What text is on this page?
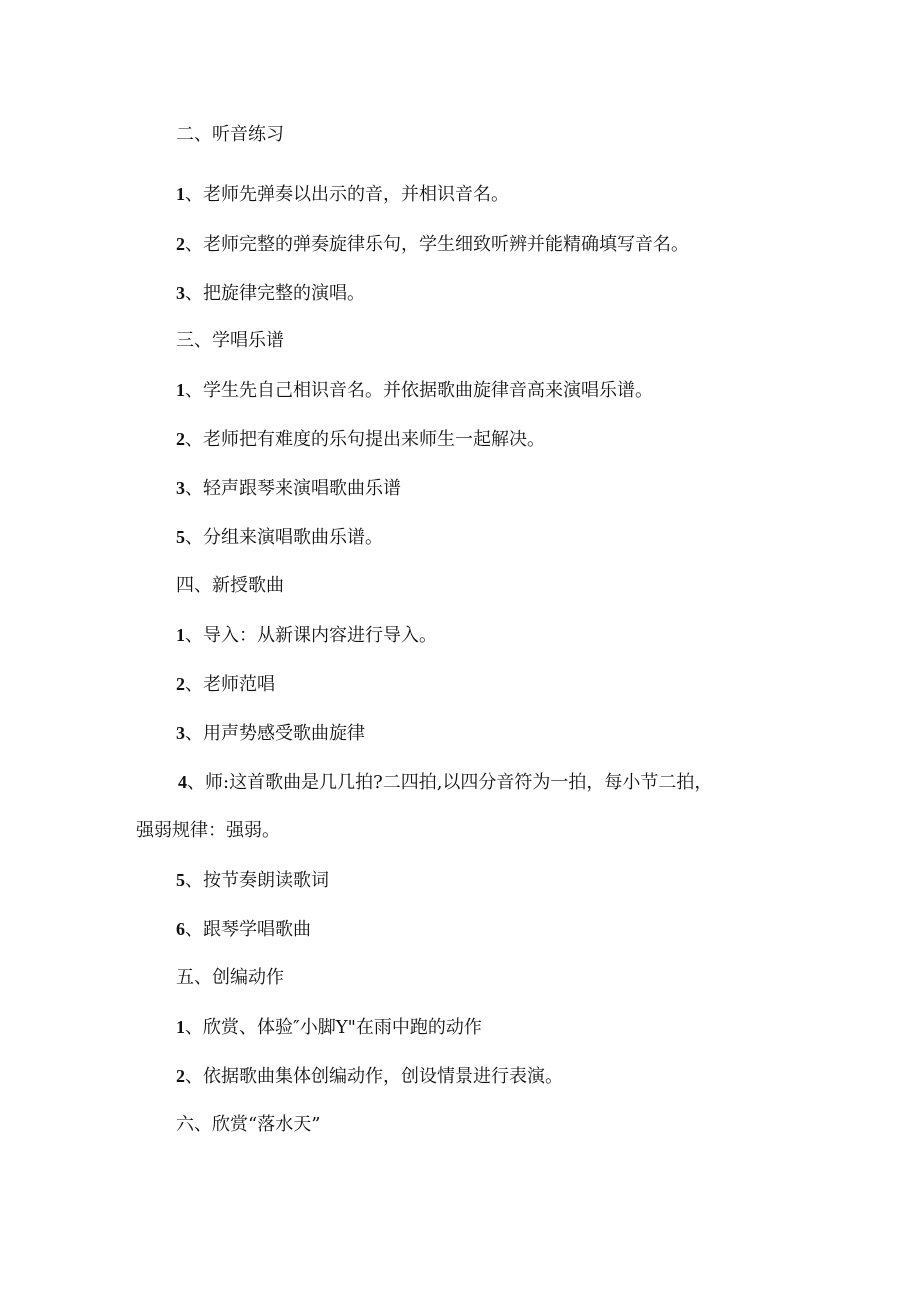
二、听音练习
1、老师先弹奏以出示的音，并相识音名。
2、老师完整的弹奏旋律乐句，学生细致听辨并能精确填写音名。
3、把旋律完整的演唱。
三、学唱乐谱
1、学生先自己相识音名。并依据歌曲旋律音高来演唱乐谱。
2、老师把有难度的乐句提出来师生一起解决。
3、轻声跟琴来演唱歌曲乐谱
5、分组来演唱歌曲乐谱。
四、新授歌曲
1、导入：从新课内容进行导入。
2、老师范唱
3、用声势感受歌曲旋律
4、师:这首歌曲是几几拍?二四拍,以四分音符为一拍，每小节二拍，
强弱规律：强弱。
5、按节奏朗读歌词
6、跟琴学唱歌曲
五、创编动作
1、欣赏、体验″小脚Y"在雨中跑的动作
2、依据歌曲集体创编动作，创设情景进行表演。
六、欣赏“落水天”
